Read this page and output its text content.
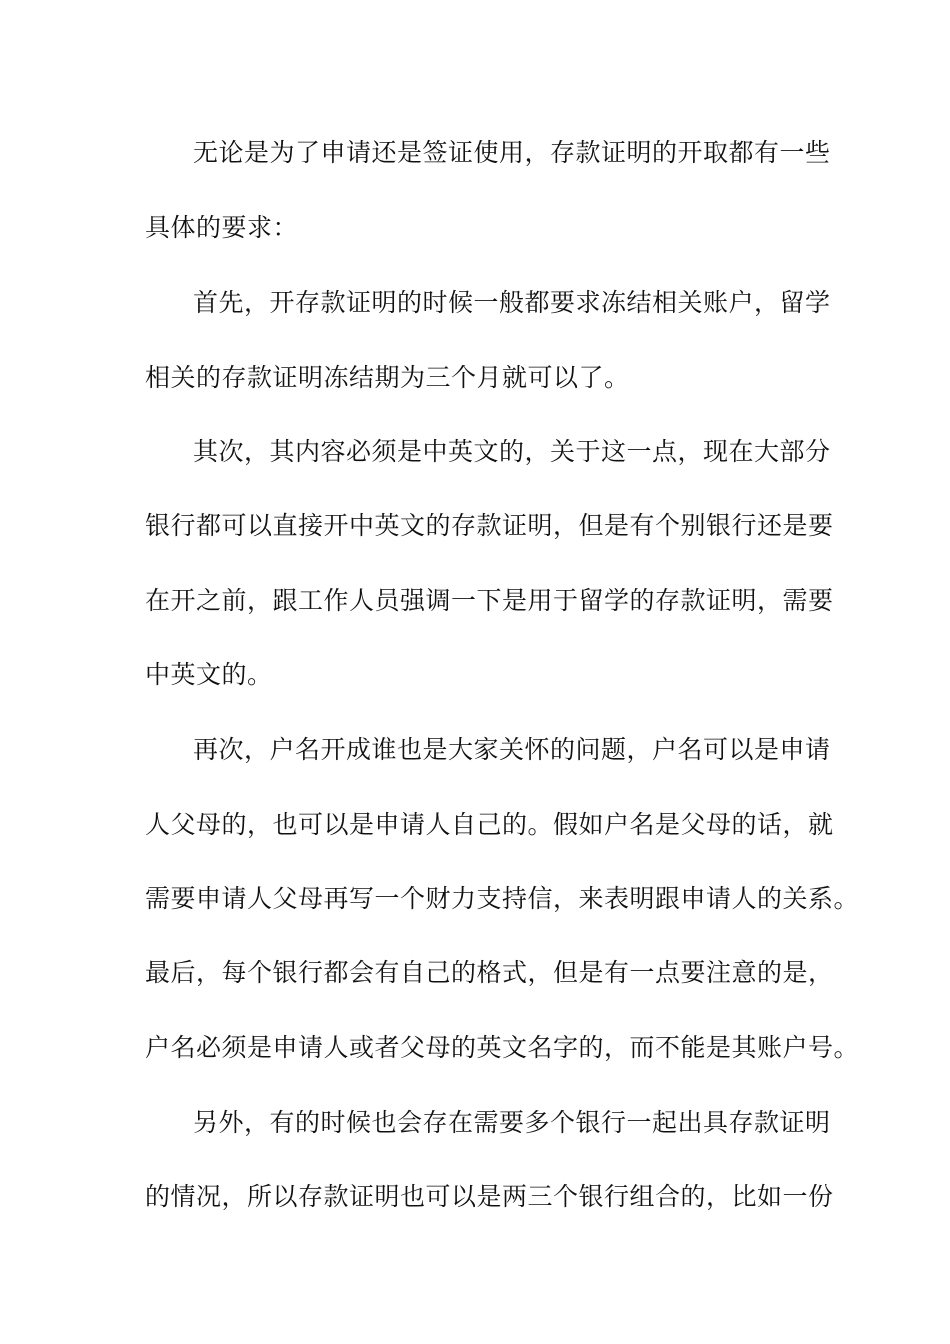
无论是为了申请还是签证使用，存款证明的开取都有一些
具体的要求：
首先，开存款证明的时候一般都要求冻结相关账户，留学
相关的存款证明冻结期为三个月就可以了。
其次，其内容必须是中英文的，关于这一点，现在大部分
银行都可以直接开中英文的存款证明，但是有个别银行还是要
在开之前，跟工作人员强调一下是用于留学的存款证明，需要
中英文的。
再次，户名开成谁也是大家关怀的问题，户名可以是申请
人父母的，也可以是申请人自己的。假如户名是父母的话，就
需要申请人父母再写一个财力支持信，来表明跟申请人的关系。
最后，每个银行都会有自己的格式，但是有一点要注意的是，
户名必须是申请人或者父母的英文名字的，而不能是其账户号。
另外，有的时候也会存在需要多个银行一起出具存款证明
的情况，所以存款证明也可以是两三个银行组合的，比如一份
